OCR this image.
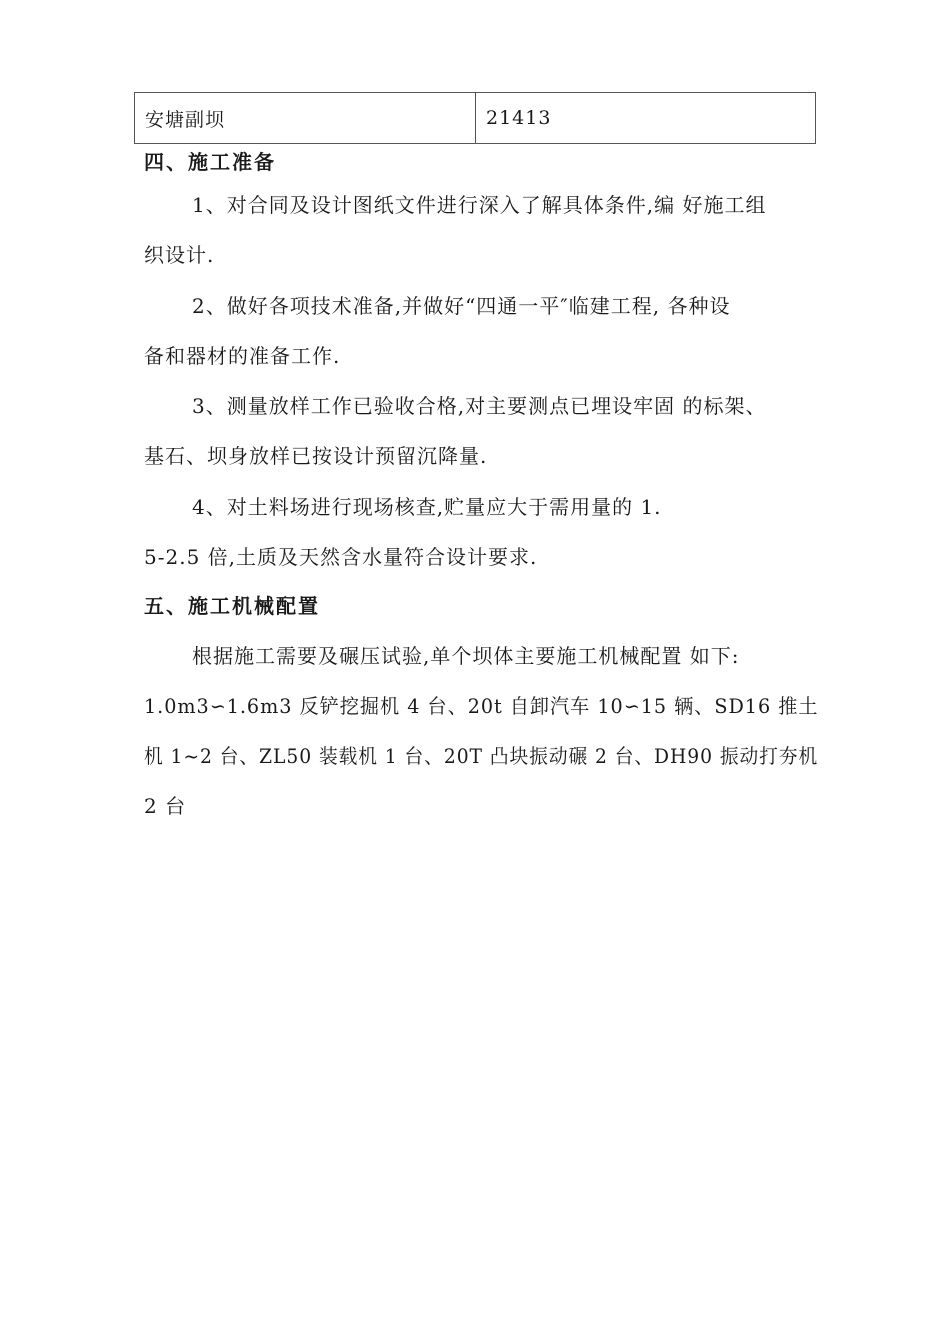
安塘副坝	21413
四、施工准备
1、对合同及设计图纸文件进行深入了解具体条件,编 好施工组
织设计.
2、做好各项技术准备,并做好“四通一平″临建工程, 各种设
备和器材的准备工作.
3、测量放样工作已验收合格,对主要测点已埋设牢固 的标架、
基石、坝身放样已按设计预留沉降量.
4、对土料场进行现场核查,贮量应大于需用量的 1.
5-2.5 倍,土质及天然含水量符合设计要求.
五、施工机械配置
根据施工需要及碾压试验,单个坝体主要施工机械配置 如下:
1.0m3∽1.6m3 反铲挖掘机 4 台、20t 自卸汽车 10∽15 辆、SD16 推土
机 1~2 台、ZL50 装载机 1 台、20T 凸块振动碾 2 台、DH90 振动打夯机
2 台
